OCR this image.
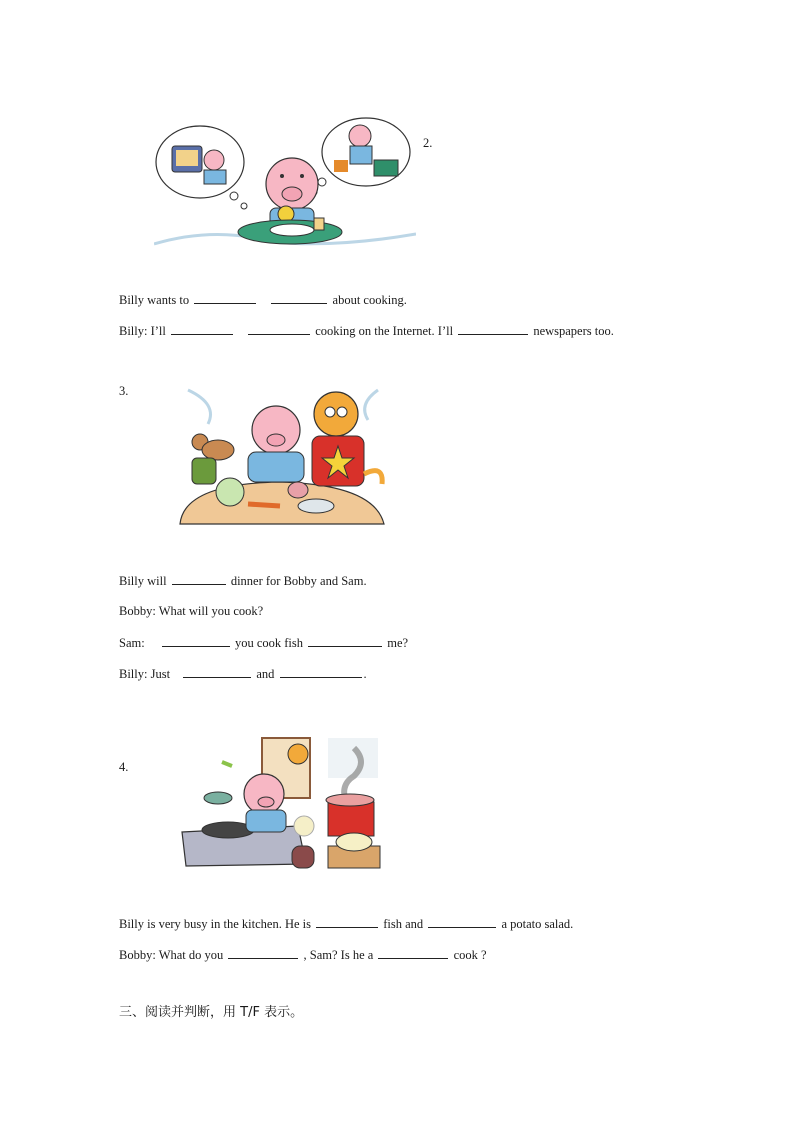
2.
Billy wants to	about cooking.
Billy: I’ll	cooking on the Internet. I’ll	newspapers too.
3.
Billy will	dinner for Bobby and Sam.
Bobby: What will you cook?
Sam:	you cook fish	me?
Billy: Just	and	.
4.
Billy is very busy in the kitchen. He is	fish and	a potato salad.
Bobby: What do you	, Sam? Is he a	cook ?
三、阅读并判断，用 T/F 表示。
